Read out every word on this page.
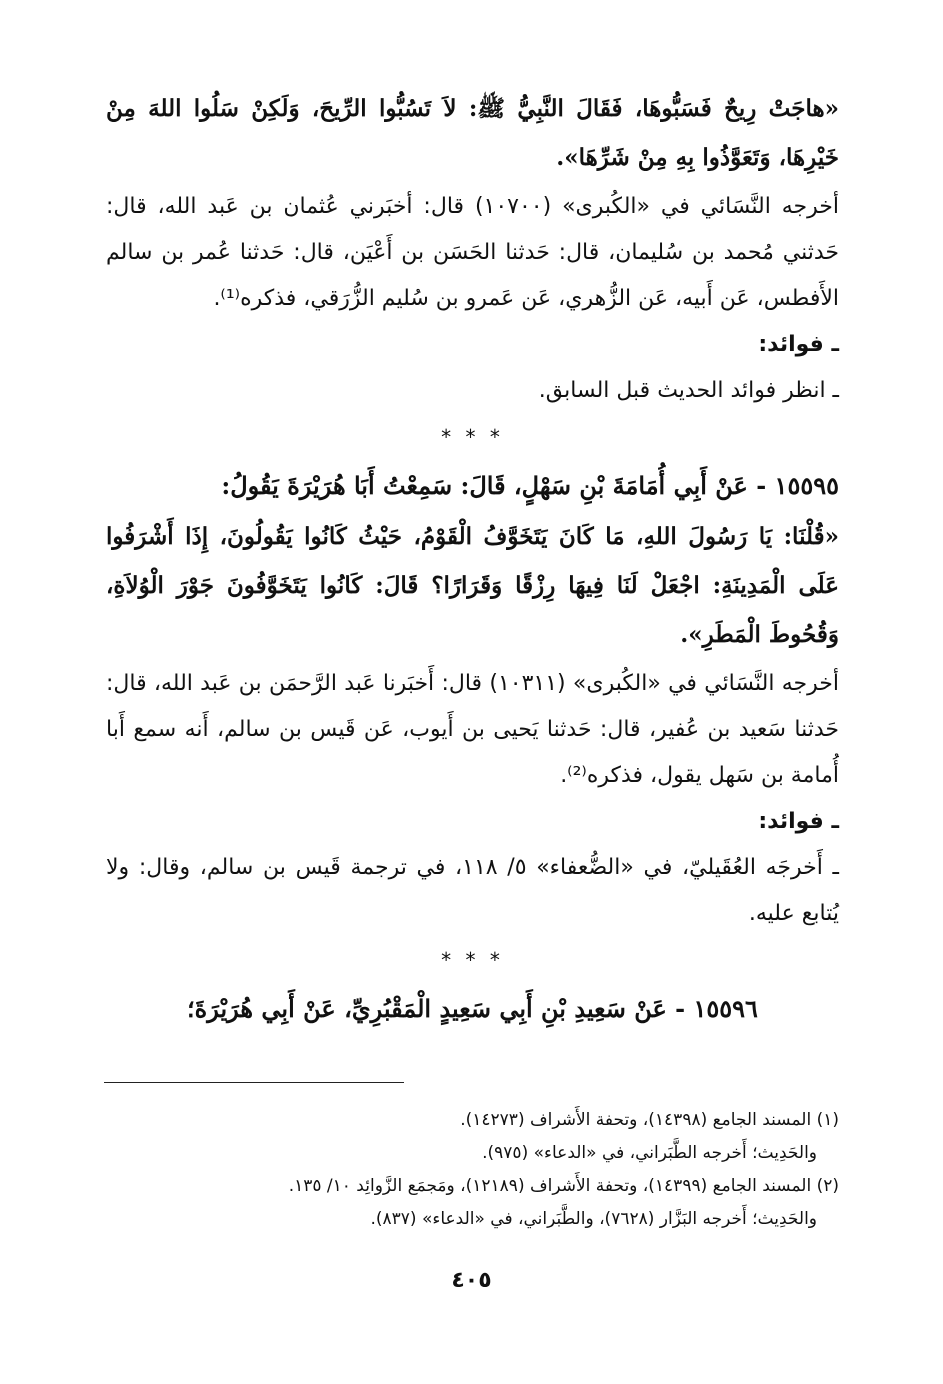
«هاجَتْ رِيحٌ فَسَبُّوهَا، فَقَالَ النَّبِيُّ ﷺ: لاَ تَسُبُّوا الرِّيحَ، وَلَكِنْ سَلُوا اللهَ مِنْ خَيْرِهَا، وَتَعَوَّذُوا بِهِ مِنْ شَرِّهَا».

أخرجه النَّسَائي في «الكُبرى» (١٠٧٠٠) قال: أخبَرني عُثمان بن عَبد الله، قال: حَدثني مُحمد بن سُليمان، قال: حَدثنا الحَسَن بن أَعْيَن، قال: حَدثنا عُمر بن سالم الأَفطس، عَن أَبيه، عَن الزُّهري، عَن عَمرو بن سُليم الزُّرَقي، فذكره⁽¹⁾.

ـ فوائد:

ـ انظر فوائد الحديث قبل السابق.

* * *

١٥٥٩٥ - عَنْ أَبِي أُمَامَةَ بْنِ سَهْلٍ، قَالَ: سَمِعْتُ أَبَا هُرَيْرَةَ يَقُولُ:

«قُلْنَا: يَا رَسُولَ اللهِ، مَا كَانَ يَتَخَوَّفُ الْقَوْمُ، حَيْثُ كَانُوا يَقُولُونَ، إِذَا أَشْرَفُوا عَلَى الْمَدِينَةِ: اجْعَلْ لَنَا فِيهَا رِزْقًا وَقَرَارًا؟ قَالَ: كَانُوا يَتَخَوَّفُونَ جَوْرَ الْوُلاَةِ، وَقُحُوطَ الْمَطَرِ».

أخرجه النَّسَائي في «الكُبرى» (١٠٣١١) قال: أَخبَرنا عَبد الرَّحمَن بن عَبد الله، قال: حَدثنا سَعيد بن عُفير، قال: حَدثنا يَحيى بن أَيوب، عَن قَيس بن سالم، أَنه سمع أَبا أُمامة بن سَهل يقول، فذكره⁽²⁾.

ـ فوائد:

ـ أَخرجَه العُقَيليّ، في «الضُّعفاء» ٥/ ١١٨، في ترجمة قَيس بن سالم، وقال: ولا يُتابع عليه.

* * *

١٥٥٩٦ - عَنْ سَعِيدِ بْنِ أَبِي سَعِيدٍ الْمَقْبُرِيِّ، عَنْ أَبِي هُرَيْرَةَ؛

(١) المسند الجامع (١٤٣٩٨)، وتحفة الأَشراف (١٤٢٧٣).

والحَدِيث؛ أَخرجه الطَّبَراني، في «الدعاء» (٩٧٥).

(٢) المسند الجامع (١٤٣٩٩)، وتحفة الأَشراف (١٢١٨٩)، ومَجمَع الزَّوائِد ١٠/ ١٣٥.

والحَدِيث؛ أَخرجه البَزَّار (٧٦٢٨)، والطَّبَراني، في «الدعاء» (٨٣٧).

٤٠٥
